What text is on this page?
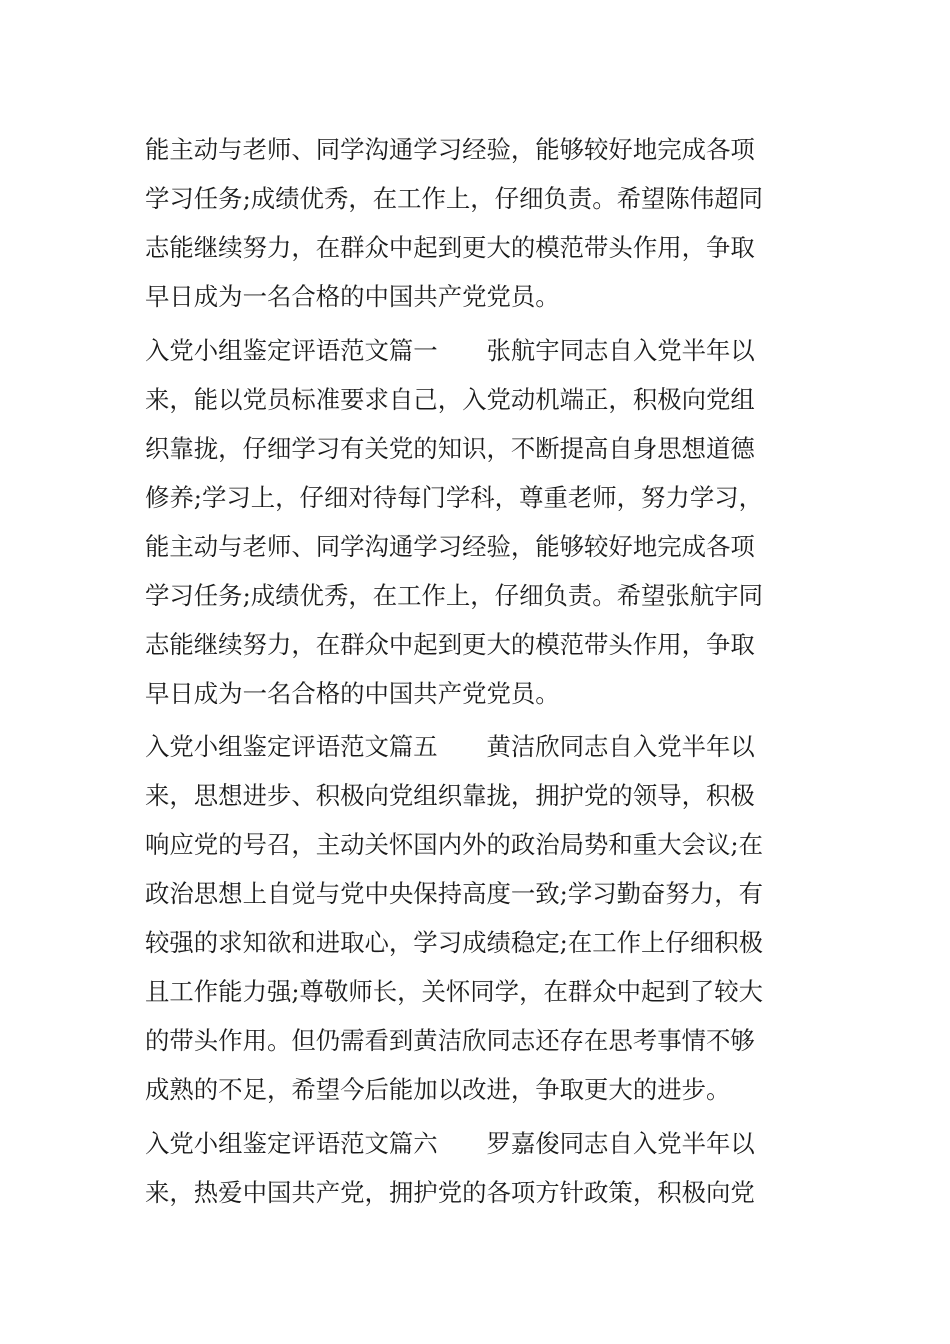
能主动与老师、同学沟通学习经验，能够较好地完成各项
学习任务;成绩优秀，在工作上，仔细负责。希望陈伟超同
志能继续努力，在群众中起到更大的模范带头作用，争取
早日成为一名合格的中国共产党党员。
入党小组鉴定评语范文篇一　　张航宇同志自入党半年以
来，能以党员标准要求自己，入党动机端正，积极向党组
织靠拢，仔细学习有关党的知识，不断提高自身思想道德
修养;学习上，仔细对待每门学科，尊重老师，努力学习，
能主动与老师、同学沟通学习经验，能够较好地完成各项
学习任务;成绩优秀，在工作上，仔细负责。希望张航宇同
志能继续努力，在群众中起到更大的模范带头作用，争取
早日成为一名合格的中国共产党党员。
入党小组鉴定评语范文篇五　　黄洁欣同志自入党半年以
来，思想进步、积极向党组织靠拢，拥护党的领导，积极
响应党的号召，主动关怀国内外的政治局势和重大会议;在
政治思想上自觉与党中央保持高度一致;学习勤奋努力，有
较强的求知欲和进取心，学习成绩稳定;在工作上仔细积极
且工作能力强;尊敬师长，关怀同学，在群众中起到了较大
的带头作用。但仍需看到黄洁欣同志还存在思考事情不够
成熟的不足，希望今后能加以改进，争取更大的进步。
入党小组鉴定评语范文篇六　　罗嘉俊同志自入党半年以
来，热爱中国共产党，拥护党的各项方针政策，积极向党
